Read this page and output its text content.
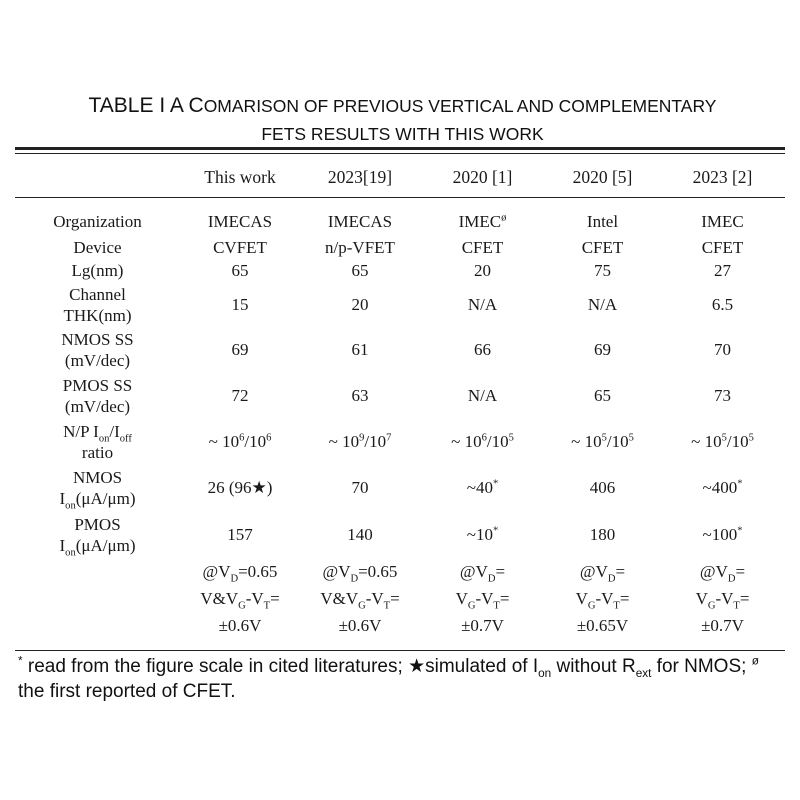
TABLE I A COMARISON OF PREVIOUS VERTICAL AND COMPLEMENTARY
FETS RESULTS WITH THIS WORK
	This work	2023[19]	2020 [1]	2020 [5]	2023 [2]

Organization	IMECAS	IMECAS	$IMEC^ø$	Intel	IMEC
Device	CVFET	n/p-VFET	CFET	CFET	CFET
Lg(nm)	65	65	20	75	27

Channel
THK(nm)	15	20	N/A	N/A	6.5

NMOS SS
(mV/dec)	69	61	66	69	70

PMOS SS
(mV/dec)	72	63	N/A	65	73

N/P $I_{on}/I_{off}$
ratio	~ $10^6/10^6$	~ $10^9/10^7$	~ $10^6/10^5$	~ $10^5/10^5$	~ $10^5/10^5$

NMOS
$I_{on}(\mu A/\mu m)$	26 (96★)	70	~40*	406	~400*

PMOS
$I_{on}(\mu A/\mu m)$	157	140	~10*	180	~100*
	$@V_D=0.65$	$@V_D=0.65$	$@V_D=$	$@V_D=$	$@V_D=$
	$V\&V_G-V_T=$	$V\&V_G-V_T=$	$V_G-V_T=$	$V_G-V_T=$	$V_G-V_T=$
	±0.6V	±0.6V	±0.7V	±0.65V	±0.7V
* read from the figure scale in cited literatures; ★simulated of $I_{on}$ without $R_{ext}$ for NMOS; $^ø$ the first reported of CFET.
